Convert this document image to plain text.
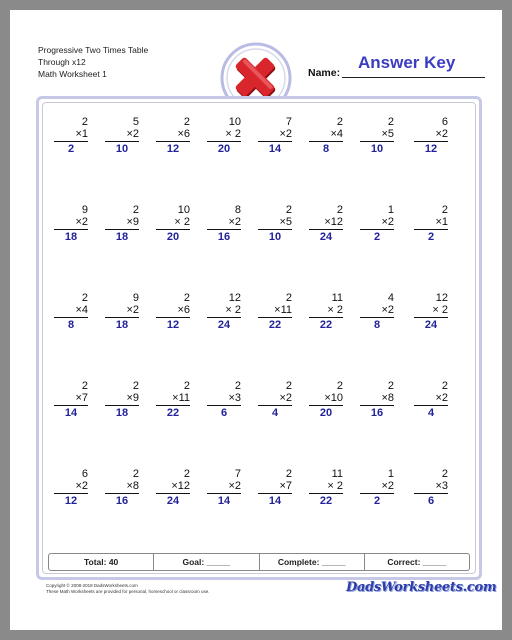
Progressive Two Times Table
Through x12
Math Worksheet 1	Name:
Answer Key
2
×1
2
5
×2
10
2
×6
12
10
× 2
20
7
×2
14
2
×4
8
2
×5
10
6
×2
12
9
×2
18
2
×9
18
10
× 2
20
8
×2
16
2
×5
10
2
×12
24
1
×2
2
2
×1
2
2
×4
8
9
×2
18
2
×6
12
12
× 2
24
2
×11
22
11
× 2
22
4
×2
8
12
× 2
24
2
×7
14
2
×9
18
2
×11
22
2
×3
6
2
×2
4
2
×10
20
2
×8
16
2
×2
4
6
×2
12
2
×8
16
2
×12
24
7
×2
14
2
×7
14
11
× 2
22
1
×2
2
2
×3
6
Total: 40	Goal: _____	Complete: _____	Correct: _____
Copyright © 2008-2018 DadsWorksheets.com
These Math Worksheets are provided for personal, homeschool or classroom use.	DadsWorksheets.com
